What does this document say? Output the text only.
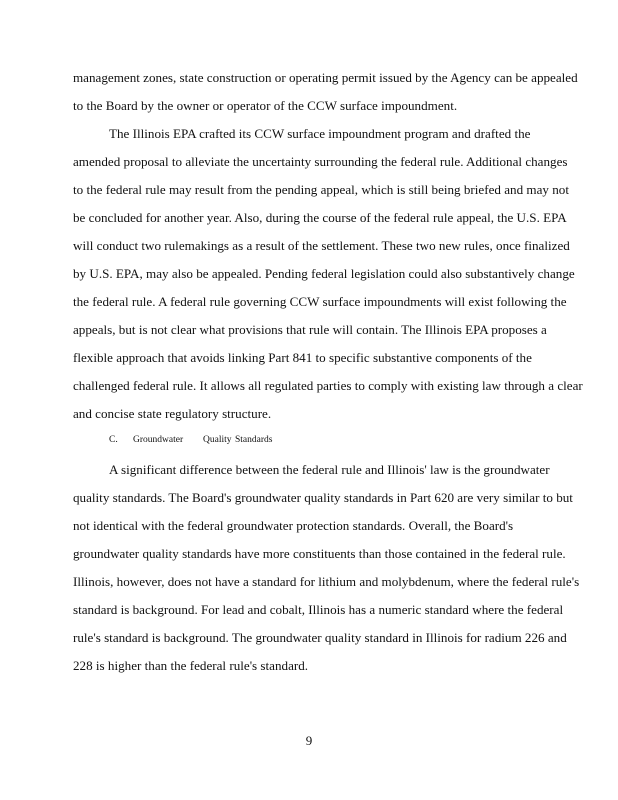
management zones, state construction or operating permit issued by the Agency can be appealed
to the Board by the owner or operator of the CCW surface impoundment.
The Illinois EPA crafted its CCW surface impoundment program and drafted the
amended proposal to alleviate the uncertainty surrounding the federal rule. Additional changes
to the federal rule may result from the pending appeal, which is still being briefed and may not
be concluded for another year. Also, during the course of the federal rule appeal, the U.S. EPA
will conduct two rulemakings as a result of the settlement. These two new rules, once finalized
by U.S. EPA, may also be appealed. Pending federal legislation could also substantively change
the federal rule. A federal rule governing CCW surface impoundments will exist following the
appeals, but is not clear what provisions that rule will contain. The Illinois EPA proposes a
flexible approach that avoids linking Part 841 to specific substantive components of the
challenged federal rule. It allows all regulated parties to comply with existing law through a clear
and concise state regulatory structure.
C. Groundwater Quality Standards
A significant difference between the federal rule and Illinois' law is the groundwater
quality standards. The Board's groundwater quality standards in Part 620 are very similar to but
not identical with the federal groundwater protection standards. Overall, the Board's
groundwater quality standards have more constituents than those contained in the federal rule.
Illinois, however, does not have a standard for lithium and molybdenum, where the federal rule's
standard is background. For lead and cobalt, Illinois has a numeric standard where the federal
rule's standard is background. The groundwater quality standard in Illinois for radium 226 and
228 is higher than the federal rule's standard.
9
